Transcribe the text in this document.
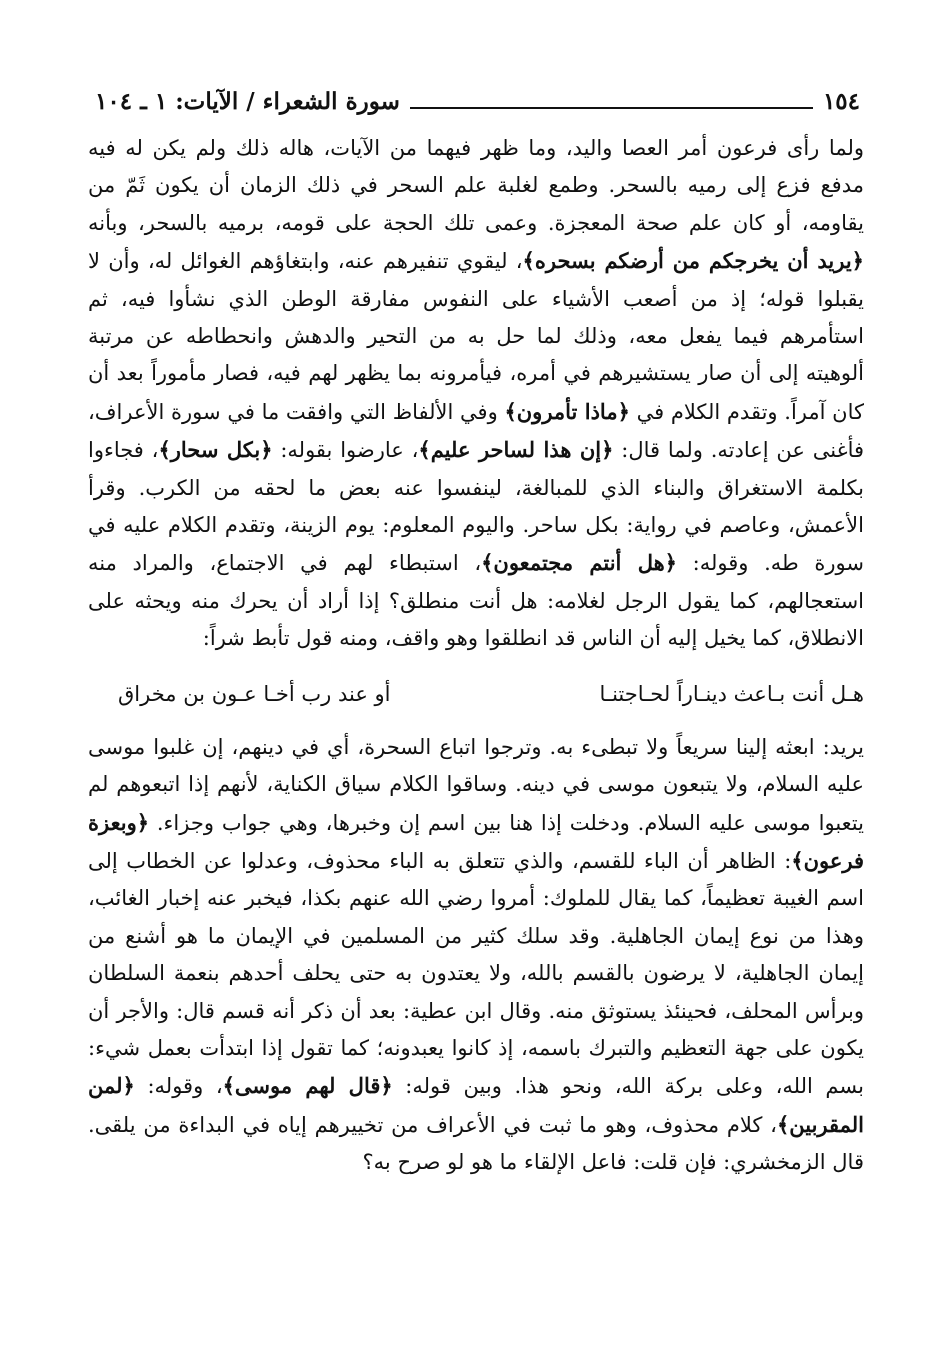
١٥٤
سورة الشعراء / الآيات: ١ ـ ١٠٤

ولما رأى فرعون أمر العصا واليد، وما ظهر فيهما من الآيات، هاله ذلك ولم يكن له فيه مدفع فزع إلى رميه بالسحر. وطمع لغلبة علم السحر في ذلك الزمان أن يكون ثَمّ من يقاومه، أو كان علم صحة المعجزة. وعمى تلك الحجة على قومه، برميه بالسحر، وبأنه ﴿يريد أن يخرجكم من أرضكم بسحره﴾، ليقوي تنفيرهم عنه، وابتغاؤهم الغوائل له، وأن لا يقبلوا قوله؛ إذ من أصعب الأشياء على النفوس مفارقة الوطن الذي نشأوا فيه، ثم استأمرهم فيما يفعل معه، وذلك لما حل به من التحير والدهش وانحطاطه عن مرتبة ألوهيته إلى أن صار يستشيرهم في أمره، فيأمرونه بما يظهر لهم فيه، فصار مأموراً بعد أن كان آمراً. وتقدم الكلام في ﴿ماذا تأمرون﴾ وفي الألفاظ التي وافقت ما في سورة الأعراف، فأغنى عن إعادته. ولما قال: ﴿إن هذا لساحر عليم﴾، عارضوا بقوله: ﴿بكل سحار﴾، فجاءوا بكلمة الاستغراق والبناء الذي للمبالغة، لينفسوا عنه بعض ما لحقه من الكرب. وقرأ الأعمش، وعاصم في رواية: بكل ساحر. واليوم المعلوم: يوم الزينة، وتقدم الكلام عليه في سورة طه. وقوله: ﴿هل أنتم مجتمعون﴾، استبطاء لهم في الاجتماع، والمراد منه استعجالهم، كما يقول الرجل لغلامه: هل أنت منطلق؟ إذا أراد أن يحرك منه ويحثه على الانطلاق، كما يخيل إليه أن الناس قد انطلقوا وهو واقف، ومنه قول تأبط شراً:

هـل أنت بـاعث دينـاراً لحـاجتنـا
أو عند رب أخـا عـون بن مخراق

يريد: ابعثه إلينا سريعاً ولا تبطىء به. وترجوا اتباع السحرة، أي في دينهم، إن غلبوا موسى عليه السلام، ولا يتبعون موسى في دينه. وساقوا الكلام سياق الكناية، لأنهم إذا اتبعوهم لم يتعبوا موسى عليه السلام. ودخلت إذا هنا بين اسم إن وخبرها، وهي جواب وجزاء. ﴿وبعزة فرعون﴾: الظاهر أن الباء للقسم، والذي تتعلق به الباء محذوف، وعدلوا عن الخطاب إلى اسم الغيبة تعظيماً، كما يقال للملوك: أمروا رضي الله عنهم بكذا، فيخبر عنه إخبار الغائب، وهذا من نوع إيمان الجاهلية. وقد سلك كثير من المسلمين في الإيمان ما هو أشنع من إيمان الجاهلية، لا يرضون بالقسم بالله، ولا يعتدون به حتى يحلف أحدهم بنعمة السلطان وبرأس المحلف، فحينئذ يستوثق منه. وقال ابن عطية: بعد أن ذكر أنه قسم قال: والأجر أن يكون على جهة التعظيم والتبرك باسمه، إذ كانوا يعبدونه؛ كما تقول إذا ابتدأت بعمل شيء: بسم الله، وعلى بركة الله، ونحو هذا. وبين قوله: ﴿قال لهم موسى﴾، وقوله: ﴿لمن المقربين﴾، كلام محذوف، وهو ما ثبت في الأعراف من تخييرهم إياه في البداءة من يلقى. قال الزمخشري: فإن قلت: فاعل الإلقاء ما هو لو صرح به؟
